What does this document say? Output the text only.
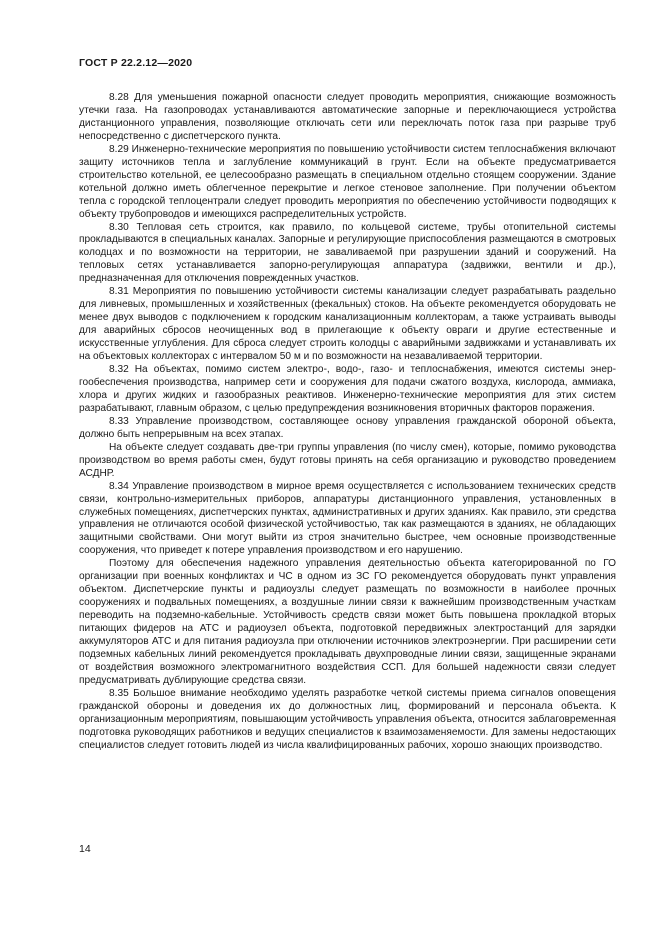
ГОСТ Р 22.2.12—2020

8.28 Для уменьшения пожарной опасности следует проводить мероприятия, снижающие возможность утечки газа. На газопроводах устанавливаются автоматические запорные и переключающиеся устройства дистанционного управления, позволяющие отключать сети или переключать поток газа при разрыве труб непосредственно с диспетчерского пункта.

8.29 Инженерно-технические мероприятия по повышению устойчивости систем теплоснабжения включают защиту источников тепла и заглубление коммуникаций в грунт. Если на объекте предусматривается строительство котельной, ее целесообразно размещать в специальном отдельно стоящем сооружении. Здание котельной должно иметь облегченное перекрытие и легкое стеновое заполнение. При получении объектом тепла с городской теплоцентрали следует проводить мероприятия по обеспечению устойчивости подводящих к объекту трубопроводов и имеющихся распределительных устройств.

8.30 Тепловая сеть строится, как правило, по кольцевой системе, трубы отопительной системы прокладываются в специальных каналах. Запорные и регулирующие приспособления размещаются в смотровых колодцах и по возможности на территории, не заваливаемой при разрушении зданий и сооружений. На тепловых сетях устанавливается запорно-регулирующая аппаратура (задвижки, вентили и др.), предназначенная для отключения поврежденных участков.

8.31 Мероприятия по повышению устойчивости системы канализации следует разрабатывать раздельно для ливневых, промышленных и хозяйственных (фекальных) стоков. На объекте рекомендуется оборудовать не менее двух выводов с подключением к городским канализационным коллекторам, а также устраивать выводы для аварийных сбросов неочищенных вод в прилегающие к объекту овраги и другие естественные и искусственные углубления. Для сброса следует строить колодцы с аварийными задвижками и устанавливать их на объектовых коллекторах с интервалом 50 м и по возможности на незаваливаемой территории.

8.32 На объектах, помимо систем электро-, водо-, газо- и теплоснабжения, имеются системы энергообеспечения производства, например сети и сооружения для подачи сжатого воздуха, кислорода, аммиака, хлора и других жидких и газообразных реактивов. Инженерно-технические мероприятия для этих систем разрабатывают, главным образом, с целью предупреждения возникновения вторичных факторов поражения.

8.33 Управление производством, составляющее основу управления гражданской обороной объекта, должно быть непрерывным на всех этапах.

На объекте следует создавать две-три группы управления (по числу смен), которые, помимо руководства производством во время работы смен, будут готовы принять на себя организацию и руководство проведением АСДНР.

8.34 Управление производством в мирное время осуществляется с использованием технических средств связи, контрольно-измерительных приборов, аппаратуры дистанционного управления, установленных в служебных помещениях, диспетчерских пунктах, административных и других зданиях. Как правило, эти средства управления не отличаются особой физической устойчивостью, так как размещаются в зданиях, не обладающих защитными свойствами. Они могут выйти из строя значительно быстрее, чем основные производственные сооружения, что приведет к потере управления производством и его нарушению.

Поэтому для обеспечения надежного управления деятельностью объекта категорированной по ГО организации при военных конфликтах и ЧС в одном из ЗС ГО рекомендуется оборудовать пункт управления объектом. Диспетчерские пункты и радиоузлы следует размещать по возможности в наиболее прочных сооружениях и подвальных помещениях, а воздушные линии связи к важнейшим производственным участкам переводить на подземно-кабельные. Устойчивость средств связи может быть повышена прокладкой вторых питающих фидеров на АТС и радиоузел объекта, подготовкой передвижных электростанций для зарядки аккумуляторов АТС и для питания радиоузла при отключении источников электроэнергии. При расширении сети подземных кабельных линий рекомендуется прокладывать двухпроводные линии связи, защищенные экранами от воздействия возможного электромагнитного воздействия ССП. Для большей надежности связи следует предусматривать дублирующие средства связи.

8.35 Большое внимание необходимо уделять разработке четкой системы приема сигналов оповещения гражданской обороны и доведения их до должностных лиц, формирований и персонала объекта. К организационным мероприятиям, повышающим устойчивость управления объекта, относится заблаговременная подготовка руководящих работников и ведущих специалистов к взаимозаменяемости. Для замены недостающих специалистов следует готовить людей из числа квалифицированных рабочих, хорошо знающих производство.

14
